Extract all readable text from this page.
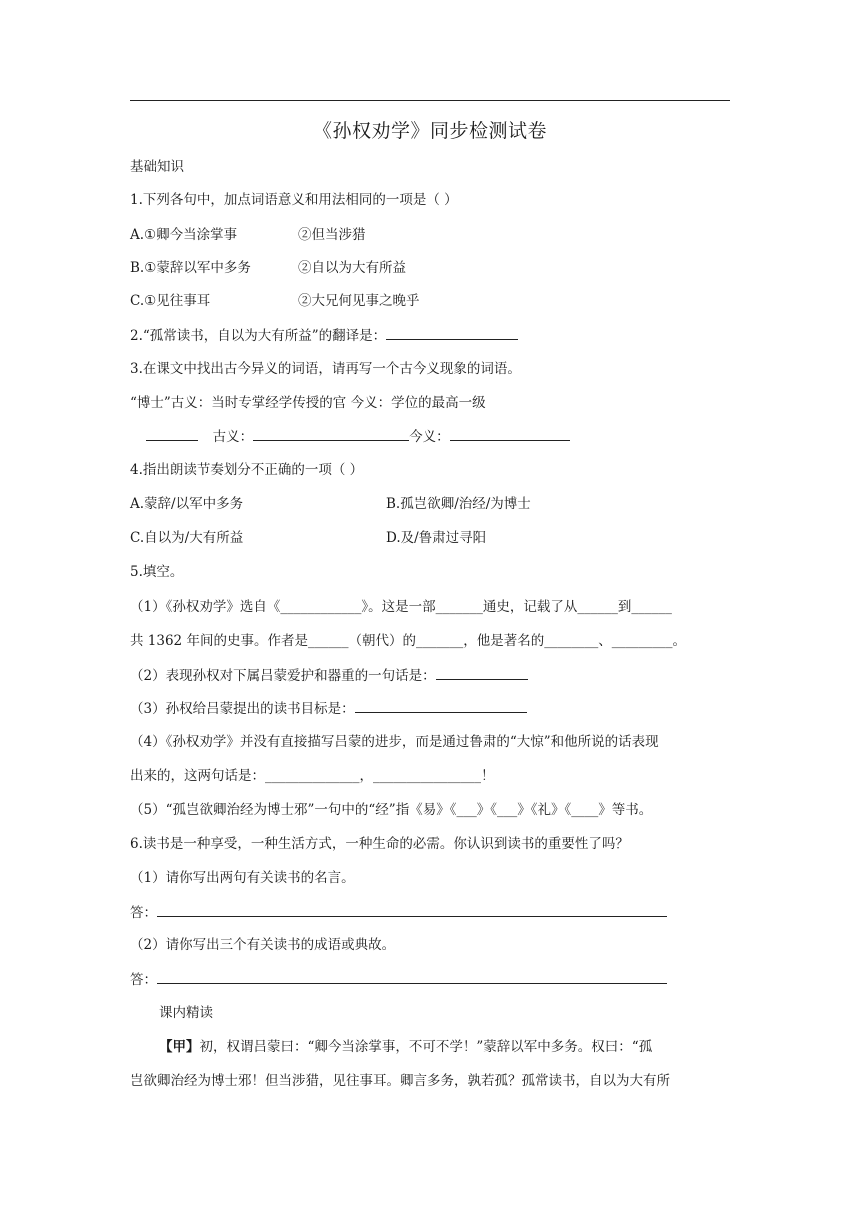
《孙权劝学》同步检测试卷
基础知识
1.下列各句中，加点词语意义和用法相同的一项是（ ）
A.①卿今当涂掌事	②但当涉猎
B.①蒙辞以军中多务	②自以为大有所益
C.①见往事耳	②大兄何见事之晚乎
2.“孤常读书，自以为大有所益”的翻译是：
3.在课文中找出古今异义的词语，请再写一个古今义现象的词语。
“博士”古义：当时专掌经学传授的官 今义：学位的最高一级
古义：	今义：
4.指出朗读节奏划分不正确的一项（ ）
A.蒙辞/以军中多务	B.孤岂欲卿/治经/为博士
C.自以为/大有所益	D.及/鲁肃过寻阳
5.填空。
（1）《孙权劝学》选自《____________》。这是一部_______通史，记载了从______到______
共 1362 年间的史事。作者是______（朝代）的_______，他是著名的________、_________。
（2）表现孙权对下属吕蒙爱护和器重的一句话是：
（3）孙权给吕蒙提出的读书目标是：
（4）《孙权劝学》并没有直接描写吕蒙的进步，而是通过鲁肃的“大惊”和他所说的话表现
出来的，这两句话是：______________，________________！
（5）“孤岂欲卿治经为博士邪”一句中的“经”指《易》《___》《___》《礼》《____》等书。
6.读书是一种享受，一种生活方式，一种生命的必需。你认识到读书的重要性了吗？
（1）请你写出两句有关读书的名言。
答：
（2）请你写出三个有关读书的成语或典故。
答：
课内精读
【甲】初，权谓吕蒙曰：“卿今当涂掌事，不可不学！”蒙辞以军中多务。权曰：“孤
岂欲卿治经为博士邪！但当涉猎，见往事耳。卿言多务，孰若孤？孤常读书，自以为大有所
